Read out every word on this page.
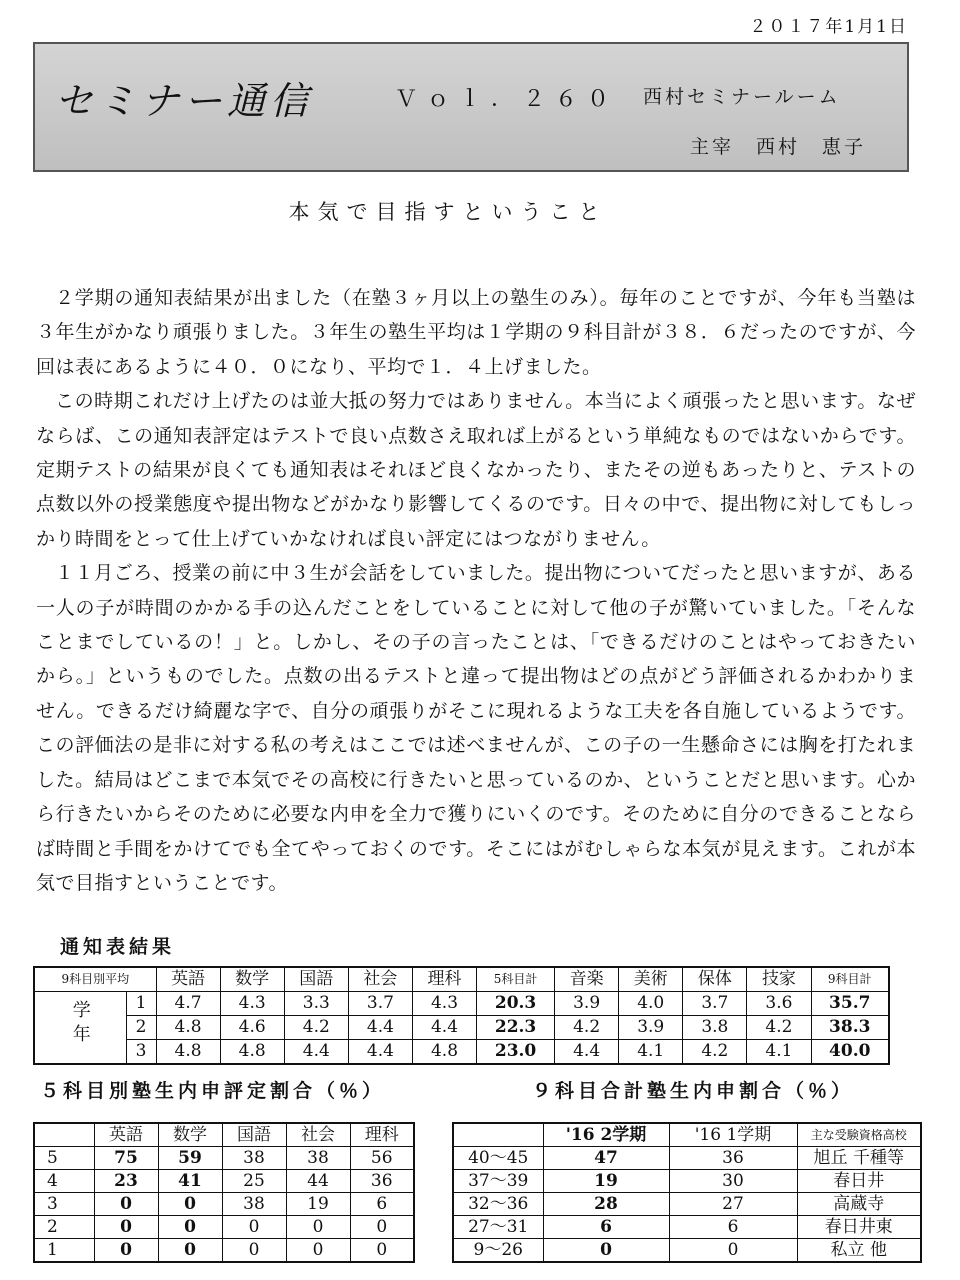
２０１７年1月1日
セミナー通信	Ｖｏｌ．２６０ 西村セミナールーム
主宰　西村　恵子
本気で目指すということ

２学期の通知表結果が出ました（在塾３ヶ月以上の塾生のみ）。毎年のことですが、今年も当塾は３年生がかなり頑張りました。３年生の塾生平均は１学期の９科目計が３８．６だったのですが、今回は表にあるように４０．０になり、平均で１．４上げました。

この時期これだけ上げたのは並大抵の努力ではありません。本当によく頑張ったと思います。なぜならば、この通知表評定はテストで良い点数さえ取れば上がるという単純なものではないからです。定期テストの結果が良くても通知表はそれほど良くなかったり、またその逆もあったりと、テストの点数以外の授業態度や提出物などがかなり影響してくるのです。日々の中で、提出物に対してもしっかり時間をとって仕上げていかなければ良い評定にはつながりません。

１１月ごろ、授業の前に中３生が会話をしていました。提出物についてだったと思いますが、ある一人の子が時間のかかる手の込んだことをしていることに対して他の子が驚いていました。「そんなことまでしているの！」と。しかし、その子の言ったことは、「できるだけのことはやっておきたいから。」というものでした。点数の出るテストと違って提出物はどの点がどう評価されるかわかりません。できるだけ綺麗な字で、自分の頑張りがそこに現れるような工夫を各自施しているようです。この評価法の是非に対する私の考えはここでは述べませんが、この子の一生懸命さには胸を打たれました。結局はどこまで本気でその高校に行きたいと思っているのか、ということだと思います。心から行きたいからそのために必要な内申を全力で獲りにいくのです。そのために自分のできることならば時間と手間をかけてでも全てやっておくのです。そこにはがむしゃらな本気が見えます。これが本気で目指すということです。

通知表結果
9科目別平均		英語	数学	国語	社会	理科	5科目計	音楽	美術	保体	技家	9科目計
学年	1	4.7	4.3	3.3	3.7	4.3	20.3	3.9	4.0	3.7	3.6	35.7
	2	4.8	4.6	4.2	4.4	4.4	22.3	4.2	3.9	3.8	4.2	38.3
	3	4.8	4.8	4.4	4.4	4.8	23.0	4.4	4.1	4.2	4.1	40.0
５科目別塾生内申評定割合（％）	９科目合計塾生内申割合（％）
	英語	数学	国語	社会	理科
5	75	59	38	38	56
4	23	41	25	44	36
3	0	0	38	19	6
2	0	0	0	0	0
1	0	0	0	0	0
	'16 2学期	'16 1学期	主な受験資格高校
40～45	47	36	旭丘 千種等
37～39	19	30	春日井
32～36	28	27	高蔵寺
27～31	6	6	春日井東
9～26	0	0	私立 他
